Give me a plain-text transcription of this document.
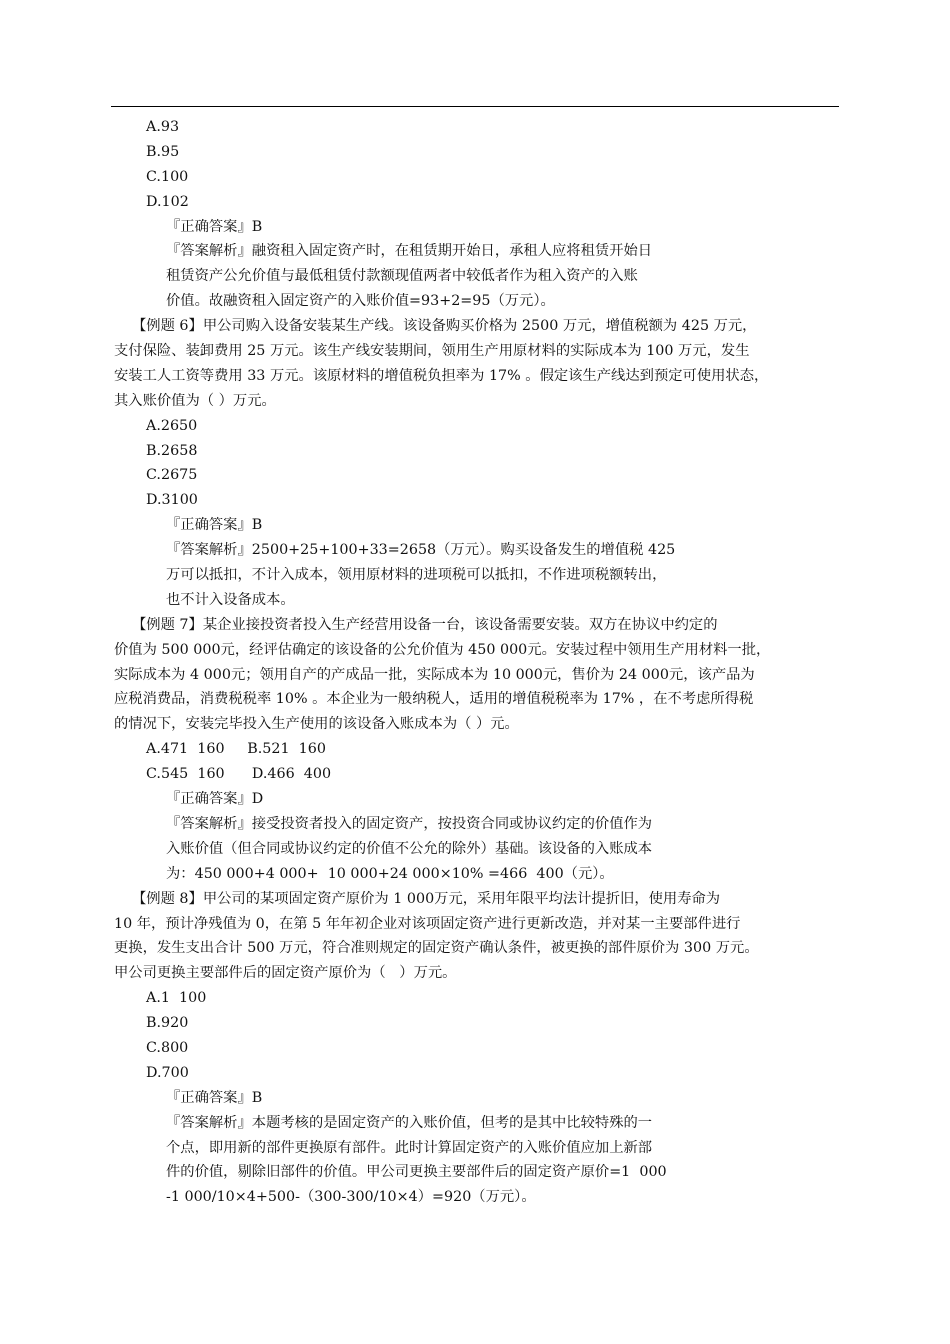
A.93
B.95
C.100
D.102
『正确答案』B
『答案解析』融资租入固定资产时，在租赁期开始日，承租人应将租赁开始日
租赁资产公允价值与最低租赁付款额现值两者中较低者作为租入资产的入账
价值。故融资租入固定资产的入账价值=93+2=95（万元）。
【例题 6】甲公司购入设备安装某生产线。该设备购买价格为 2500 万元，增值税额为 425 万元，
支付保险、装卸费用 25 万元。该生产线安装期间，领用生产用原材料的实际成本为 100 万元，发生
安装工人工资等费用 33 万元。该原材料的增值税负担率为 17% 。假定该生产线达到预定可使用状态，
其入账价值为（ ）万元。
A.2650
B.2658
C.2675
D.3100
『正确答案』B
『答案解析』2500+25+100+33=2658（万元）。购买设备发生的增值税 425
万可以抵扣，不计入成本，领用原材料的进项税可以抵扣，不作进项税额转出，
也不计入设备成本。
【例题 7】某企业接投资者投入生产经营用设备一台，该设备需要安装。双方在协议中约定的
价值为 500 000元，经评估确定的该设备的公允价值为 450 000元。安装过程中领用生产用材料一批，
实际成本为 4 000元；领用自产的产成品一批，实际成本为 10 000元，售价为 24 000元，该产品为
应税消费品，消费税税率 10% 。本企业为一般纳税人，适用的增值税税率为 17% ，在不考虑所得税
的情况下，安装完毕投入生产使用的该设备入账成本为（ ）元。
A.471  160     B.521  160
C.545  160      D.466  400
『正确答案』D
『答案解析』接受投资者投入的固定资产，按投资合同或协议约定的价值作为
入账价值（但合同或协议约定的价值不公允的除外）基础。该设备的入账成本
为：450 000+4 000+  10 000+24 000×10% =466  400（元）。
【例题 8】甲公司的某项固定资产原价为 1 000万元，采用年限平均法计提折旧，使用寿命为
10 年，预计净残值为 0，在第 5 年年初企业对该项固定资产进行更新改造，并对某一主要部件进行
更换，发生支出合计 500 万元，符合准则规定的固定资产确认条件，被更换的部件原价为 300 万元。
甲公司更换主要部件后的固定资产原价为（   ）万元。
A.1  100
B.920
C.800
D.700
『正确答案』B
『答案解析』本题考核的是固定资产的入账价值，但考的是其中比较特殊的一
个点，即用新的部件更换原有部件。此时计算固定资产的入账价值应加上新部
件的价值，剔除旧部件的价值。甲公司更换主要部件后的固定资产原价=1  000
-1 000/10×4+500-（300-300/10×4）=920（万元）。
